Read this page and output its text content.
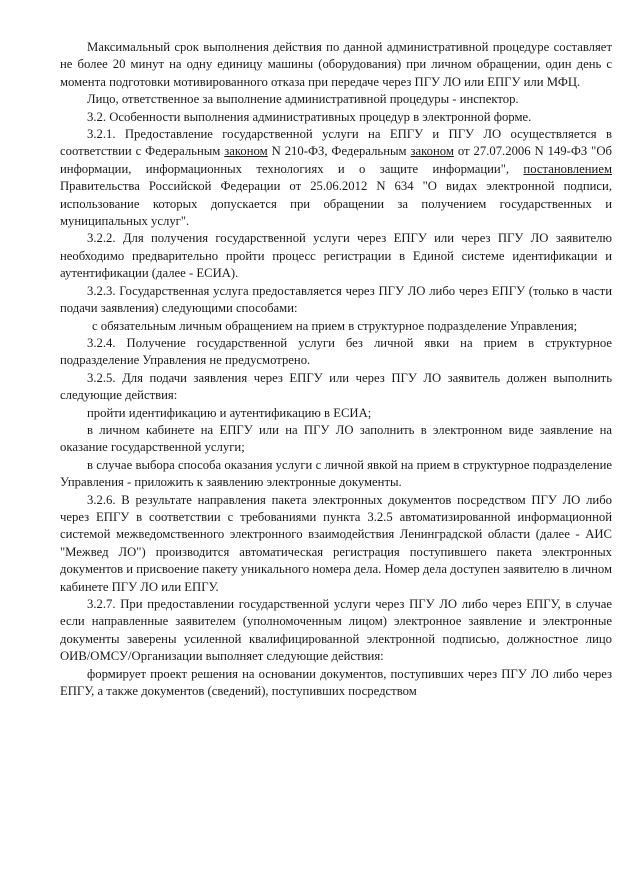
Максимальный срок выполнения действия по данной административной процедуре составляет не более 20 минут на одну единицу машины (оборудования) при личном обращении, один день с момента подготовки мотивированного отказа при передаче через ПГУ ЛО или ЕПГУ или МФЦ.

Лицо, ответственное за выполнение административной процедуры - инспектор.

3.2. Особенности выполнения административных процедур в электронной форме.

3.2.1. Предоставление государственной услуги на ЕПГУ и ПГУ ЛО осуществляется в соответствии с Федеральным законом N 210-ФЗ, Федеральным законом от 27.07.2006 N 149-ФЗ "Об информации, информационных технологиях и о защите информации", постановлением Правительства Российской Федерации от 25.06.2012 N 634 "О видах электронной подписи, использование которых допускается при обращении за получением государственных и муниципальных услуг".

3.2.2. Для получения государственной услуги через ЕПГУ или через ПГУ ЛО заявителю необходимо предварительно пройти процесс регистрации в Единой системе идентификации и аутентификации (далее - ЕСИА).

3.2.3. Государственная услуга предоставляется через ПГУ ЛО либо через ЕПГУ (только в части подачи заявления) следующими способами:

с обязательным личным обращением на прием в структурное подразделение Управления;

3.2.4. Получение государственной услуги без личной явки на прием в структурное подразделение Управления не предусмотрено.

3.2.5. Для подачи заявления через ЕПГУ или через ПГУ ЛО заявитель должен выполнить следующие действия:

пройти идентификацию и аутентификацию в ЕСИА;

в личном кабинете на ЕПГУ или на ПГУ ЛО заполнить в электронном виде заявление на оказание государственной услуги;

в случае выбора способа оказания услуги с личной явкой на прием в структурное подразделение Управления - приложить к заявлению электронные документы.

3.2.6. В результате направления пакета электронных документов посредством ПГУ ЛО либо через ЕПГУ в соответствии с требованиями пункта 3.2.5 автоматизированной информационной системой межведомственного электронного взаимодействия Ленинградской области (далее - АИС "Межвед ЛО") производится автоматическая регистрация поступившего пакета электронных документов и присвоение пакету уникального номера дела. Номер дела доступен заявителю в личном кабинете ПГУ ЛО или ЕПГУ.

3.2.7. При предоставлении государственной услуги через ПГУ ЛО либо через ЕПГУ, в случае если направленные заявителем (уполномоченным лицом) электронное заявление и электронные документы заверены усиленной квалифицированной электронной подписью, должностное лицо ОИВ/ОМСУ/Организации выполняет следующие действия:

формирует проект решения на основании документов, поступивших через ПГУ ЛО либо через ЕПГУ, а также документов (сведений), поступивших посредством
